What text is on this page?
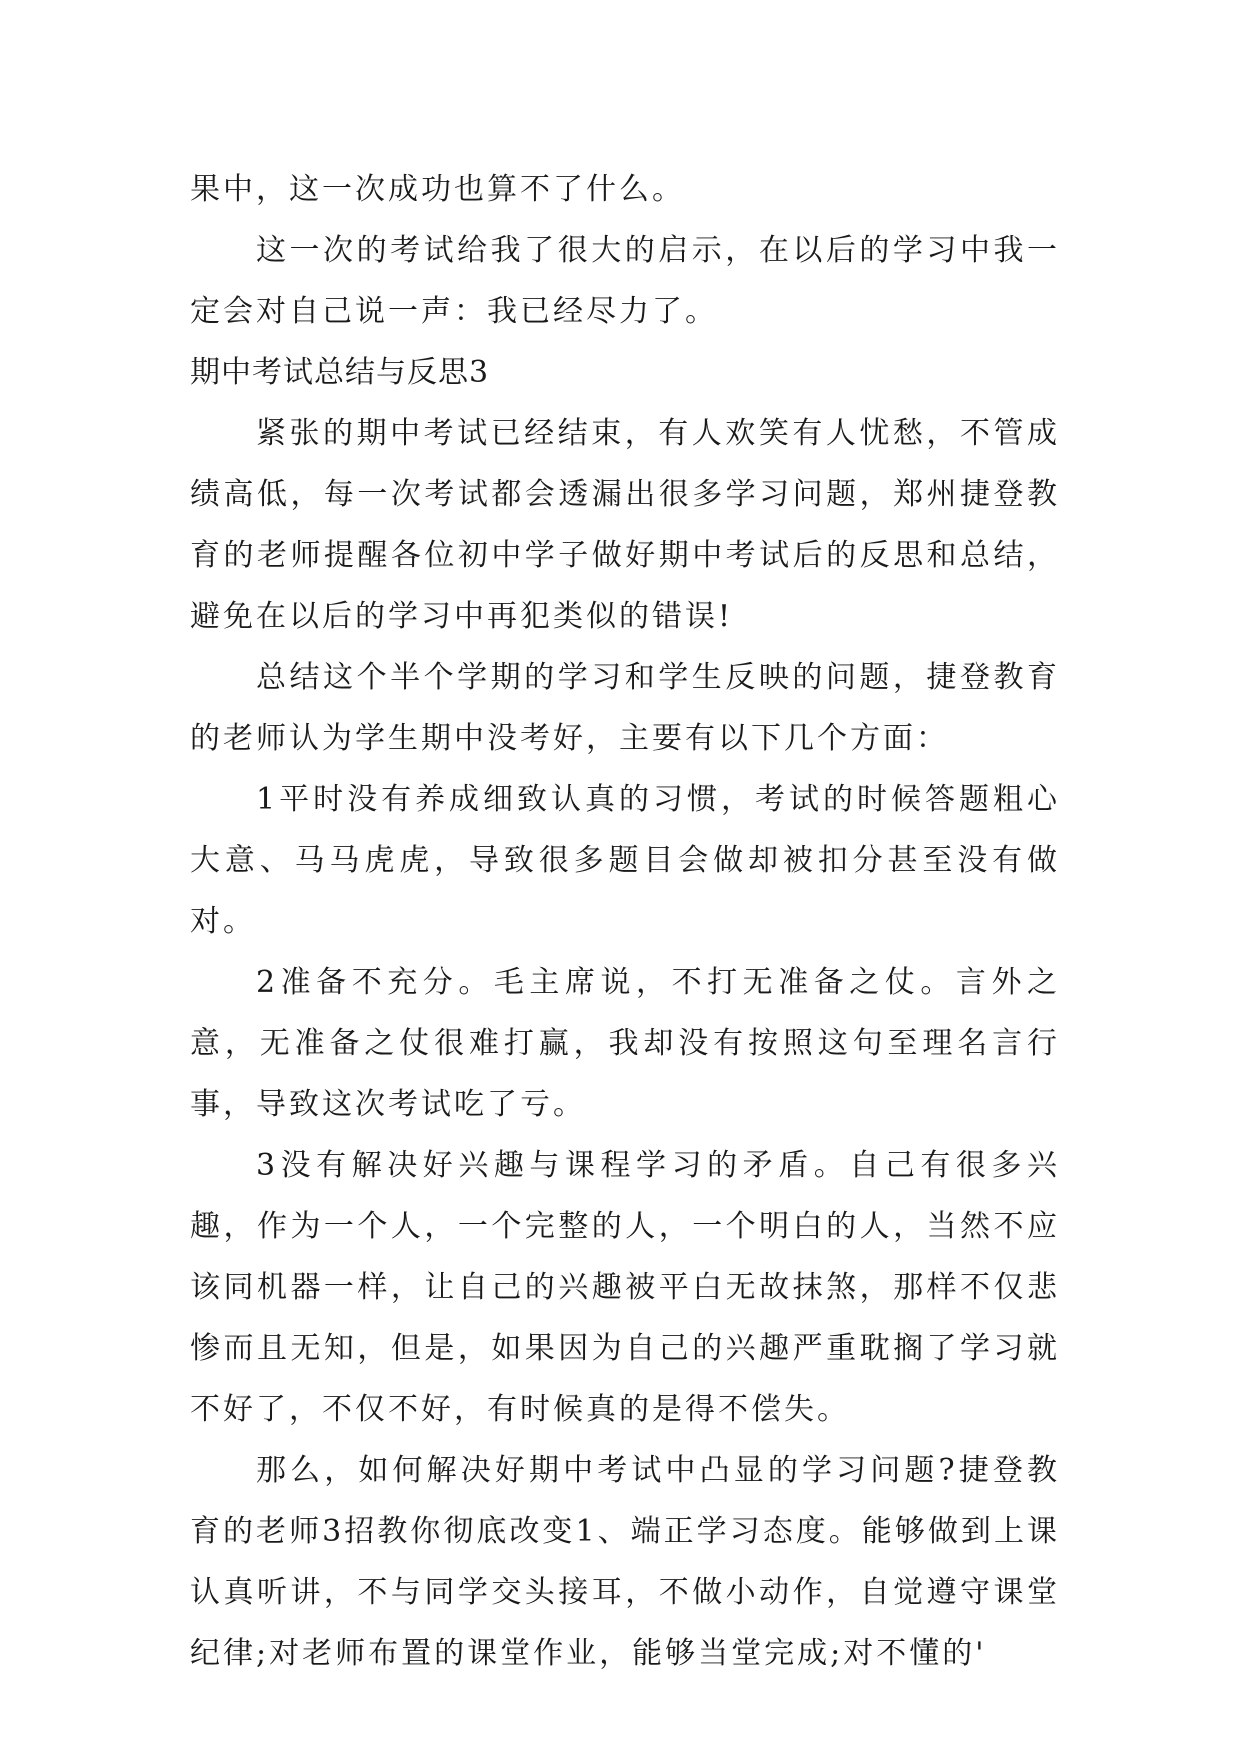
果中，这一次成功也算不了什么。

这一次的考试给我了很大的启示，在以后的学习中我一定会对自己说一声：我已经尽力了。

期中考试总结与反思3

紧张的期中考试已经结束，有人欢笑有人忧愁，不管成绩高低，每一次考试都会透漏出很多学习问题，郑州捷登教育的老师提醒各位初中学子做好期中考试后的反思和总结，避免在以后的学习中再犯类似的错误!

总结这个半个学期的学习和学生反映的问题，捷登教育的老师认为学生期中没考好，主要有以下几个方面：

1平时没有养成细致认真的习惯，考试的时候答题粗心大意、马马虎虎，导致很多题目会做却被扣分甚至没有做对。

2准备不充分。毛主席说，不打无准备之仗。言外之意，无准备之仗很难打赢，我却没有按照这句至理名言行事，导致这次考试吃了亏。

3没有解决好兴趣与课程学习的矛盾。自己有很多兴趣，作为一个人，一个完整的人，一个明白的人，当然不应该同机器一样，让自己的兴趣被平白无故抹煞，那样不仅悲惨而且无知，但是，如果因为自己的兴趣严重耽搁了学习就不好了，不仅不好，有时候真的是得不偿失。

那么，如何解决好期中考试中凸显的学习问题?捷登教育的老师3招教你彻底改变1、端正学习态度。能够做到上课认真听讲，不与同学交头接耳，不做小动作，自觉遵守课堂纪律;对老师布置的课堂作业，能够当堂完成;对不懂的'
